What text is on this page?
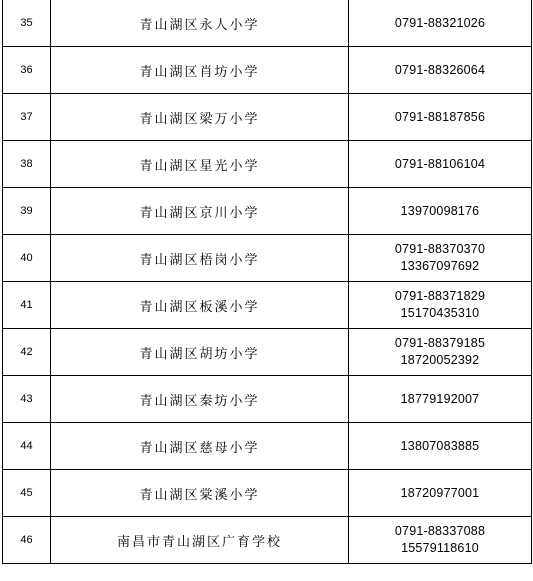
35	青山湖区永人小学	0791-88321026

36	青山湖区肖坊小学	0791-88326064

37	青山湖区梁万小学	0791-88187856

38	青山湖区星光小学	0791-88106104

39	青山湖区京川小学	13970098176

40	青山湖区梧岗小学	0791-88370370
13367097692

41	青山湖区板溪小学	0791-88371829
15170435310

42	青山湖区胡坊小学	0791-88379185
18720052392

43	青山湖区秦坊小学	18779192007

44	青山湖区慈母小学	13807083885

45	青山湖区棠溪小学	18720977001

46	南昌市青山湖区广育学校	0791-88337088
15579118610
